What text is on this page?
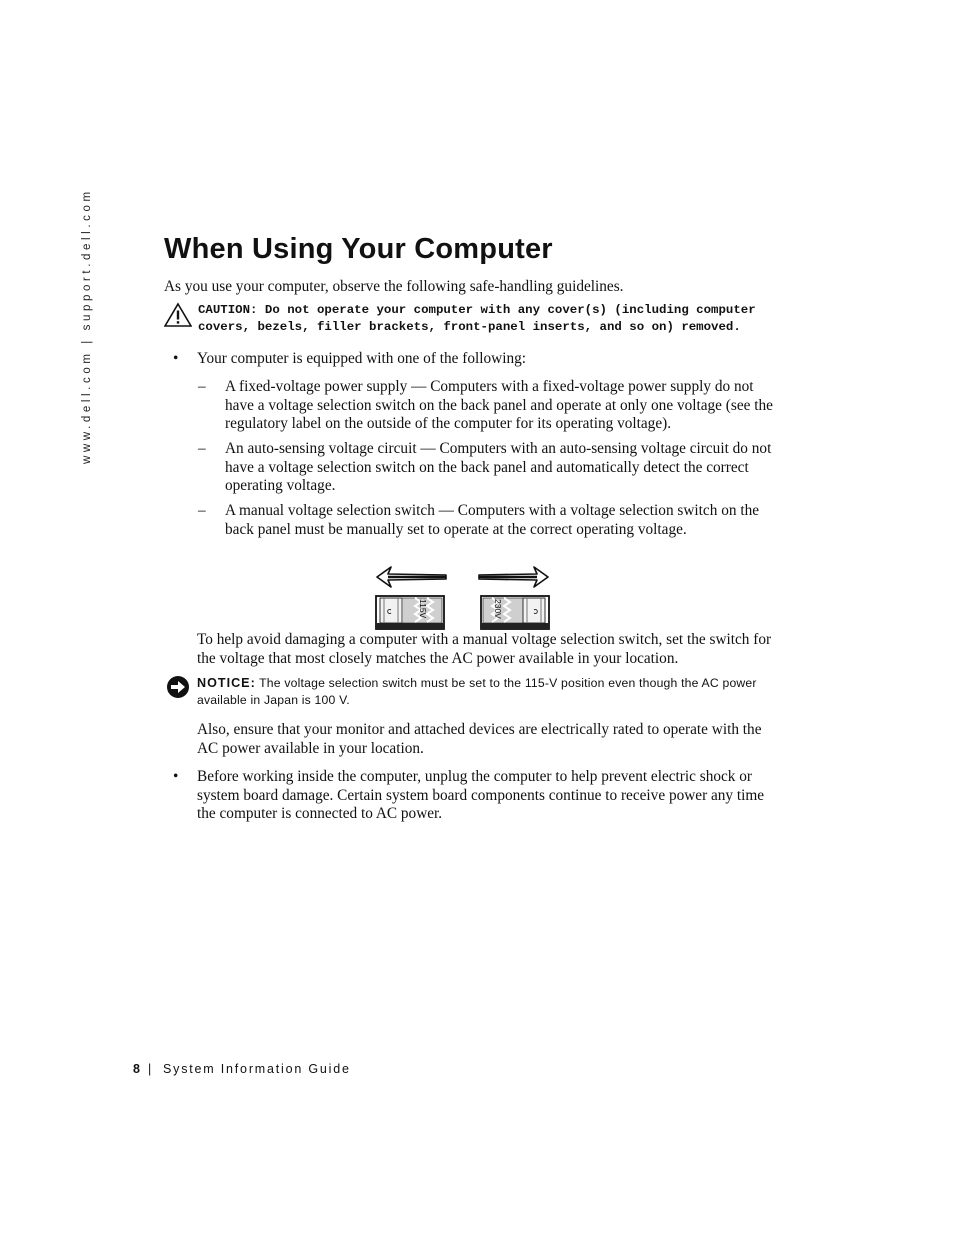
www.dell.com | support.dell.com When Using Your Computer
As you use your computer, observe the following safe-handling guidelines.
CAUTION: Do not operate your computer with any cover(s) (including computer covers, bezels, filler brackets, front-panel inserts, and so on) removed.
• Your computer is equipped with one of the following:
– A fixed-voltage power supply — Computers with a fixed-voltage power supply do not have a voltage selection switch on the back panel and operate at only one voltage (see the regulatory label on the outside of the computer for its operating voltage).
– An auto-sensing voltage circuit — Computers with an auto-sensing voltage circuit do not have a voltage selection switch on the back panel and automatically detect the correct operating voltage.
– A manual voltage selection switch — Computers with a voltage selection switch on the back panel must be manually set to operate at the correct operating voltage.
115V	230V
To help avoid damaging a computer with a manual voltage selection switch, set the switch for the voltage that most closely matches the AC power available in your location.
NOTICE: The voltage selection switch must be set to the 115-V position even though the AC power available in Japan is 100 V.
Also, ensure that your monitor and attached devices are electrically rated to operate with the AC power available in your location.
• Before working inside the computer, unplug the computer to help prevent electric shock or system board damage. Certain system board components continue to receive power any time the computer is connected to AC power.
8 | System Information Guide
